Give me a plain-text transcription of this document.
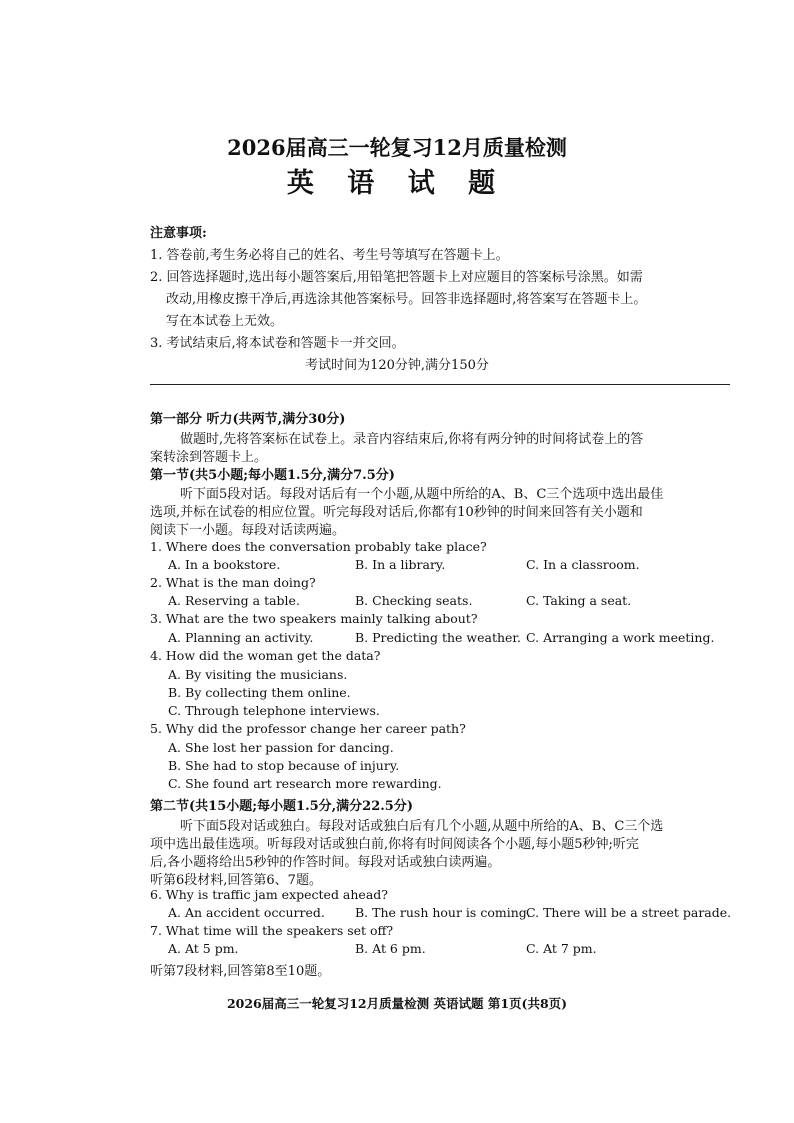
2026届高三一轮复习12月质量检测
英 语 试 题
注意事项:
1. 答卷前,考生务必将自己的姓名、考生号等填写在答题卡上。
2. 回答选择题时,选出每小题答案后,用铅笔把答题卡上对应题目的答案标号涂黑。如需
改动,用橡皮擦干净后,再选涂其他答案标号。回答非选择题时,将答案写在答题卡上。
写在本试卷上无效。
3. 考试结束后,将本试卷和答题卡一并交回。
考试时间为120分钟,满分150分
第一部分 听力(共两节,满分30分)
做题时,先将答案标在试卷上。录音内容结束后,你将有两分钟的时间将试卷上的答
案转涂到答题卡上。
第一节(共5小题;每小题1.5分,满分7.5分)
听下面5段对话。每段对话后有一个小题,从题中所给的A、B、C三个选项中选出最佳
选项,并标在试卷的相应位置。听完每段对话后,你都有10秒钟的时间来回答有关小题和
阅读下一小题。每段对话读两遍。
1. Where does the conversation probably take place?
A. In a bookstore.	B. In a library.	C. In a classroom.
2. What is the man doing?
A. Reserving a table.	B. Checking seats.	C. Taking a seat.
3. What are the two speakers mainly talking about?
A. Planning an activity.	B. Predicting the weather. C. Arranging a work meeting.
4. How did the woman get the data?
A. By visiting the musicians.
B. By collecting them online.
C. Through telephone interviews.
5. Why did the professor change her career path?
A. She lost her passion for dancing.
B. She had to stop because of injury.
C. She found art research more rewarding.
第二节(共15小题;每小题1.5分,满分22.5分)
听下面5段对话或独白。每段对话或独白后有几个小题,从题中所给的A、B、C三个选
项中选出最佳选项。听每段对话或独白前,你将有时间阅读各个小题,每小题5秒钟;听完
后,各小题将给出5秒钟的作答时间。每段对话或独白读两遍。
听第6段材料,回答第6、7题。
6. Why is traffic jam expected ahead?
A. An accident occurred. B. The rush hour is coming.
C. There will be a street parade.
7. What time will the speakers set off?
A. At 5 pm.	B. At 6 pm.	C. At 7 pm.
听第7段材料,回答第8至10题。
2026届高三一轮复习12月质量检测 英语试题 第1页(共8页)
